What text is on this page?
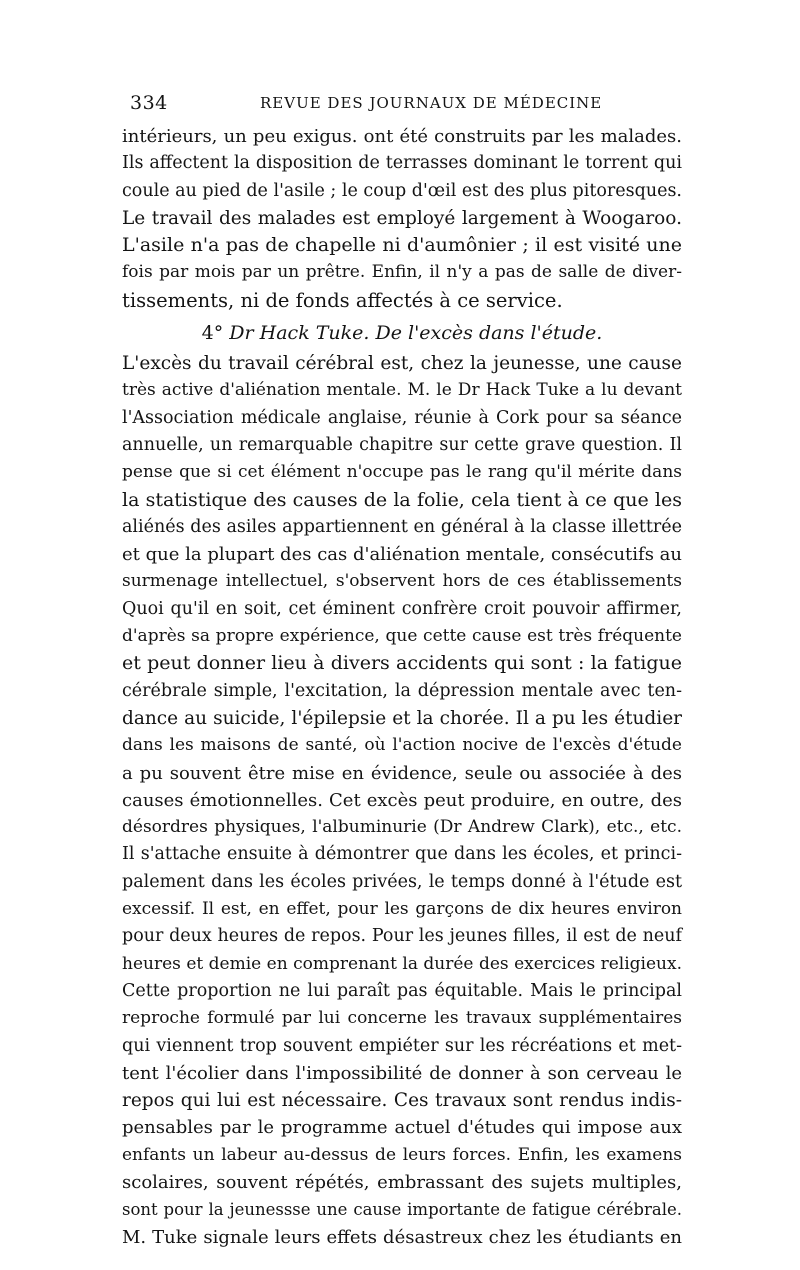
334	REVUE DES JOURNAUX DE MÉDECINE
intérieurs, un peu exigus. ont été construits par les malades.
Ils affectent la disposition de terrasses dominant le torrent qui
coule au pied de l'asile ; le coup d'œil est des plus pitoresques.
Le travail des malades est employé largement à Woogaroo.
L'asile n'a pas de chapelle ni d'aumônier ; il est visité une
fois par mois par un prêtre. Enfin, il n'y a pas de salle de diver-
tissements, ni de fonds affectés à ce service.
4° Dr Hack Tuke. De l'excès dans l'étude.
L'excès du travail cérébral est, chez la jeunesse, une cause
très active d'aliénation mentale. M. le Dr Hack Tuke a lu devant
l'Association médicale anglaise, réunie à Cork pour sa séance
annuelle, un remarquable chapitre sur cette grave question. Il
pense que si cet élément n'occupe pas le rang qu'il mérite dans
la statistique des causes de la folie, cela tient à ce que les
aliénés des asiles appartiennent en général à la classe illettrée
et que la plupart des cas d'aliénation mentale, consécutifs au
surmenage intellectuel, s'observent hors de ces établissements
Quoi qu'il en soit, cet éminent confrère croit pouvoir affirmer,
d'après sa propre expérience, que cette cause est très fréquente
et peut donner lieu à divers accidents qui sont : la fatigue
cérébrale simple, l'excitation, la dépression mentale avec ten-
dance au suicide, l'épilepsie et la chorée. Il a pu les étudier
dans les maisons de santé, où l'action nocive de l'excès d'étude
a pu souvent être mise en évidence, seule ou associée à des
causes émotionnelles. Cet excès peut produire, en outre, des
désordres physiques, l'albuminurie (Dr Andrew Clark), etc., etc.
Il s'attache ensuite à démontrer que dans les écoles, et princi-
palement dans les écoles privées, le temps donné à l'étude est
excessif. Il est, en effet, pour les garçons de dix heures environ
pour deux heures de repos. Pour les jeunes filles, il est de neuf
heures et demie en comprenant la durée des exercices religieux.
Cette proportion ne lui paraît pas équitable. Mais le principal
reproche formulé par lui concerne les travaux supplémentaires
qui viennent trop souvent empiéter sur les récréations et met-
tent l'écolier dans l'impossibilité de donner à son cerveau le
repos qui lui est nécessaire. Ces travaux sont rendus indis-
pensables par le programme actuel d'études qui impose aux
enfants un labeur au-dessus de leurs forces. Enfin, les examens
scolaires, souvent répétés, embrassant des sujets multiples,
sont pour la jeunessse une cause importante de fatigue cérébrale.
M. Tuke signale leurs effets désastreux chez les étudiants en
